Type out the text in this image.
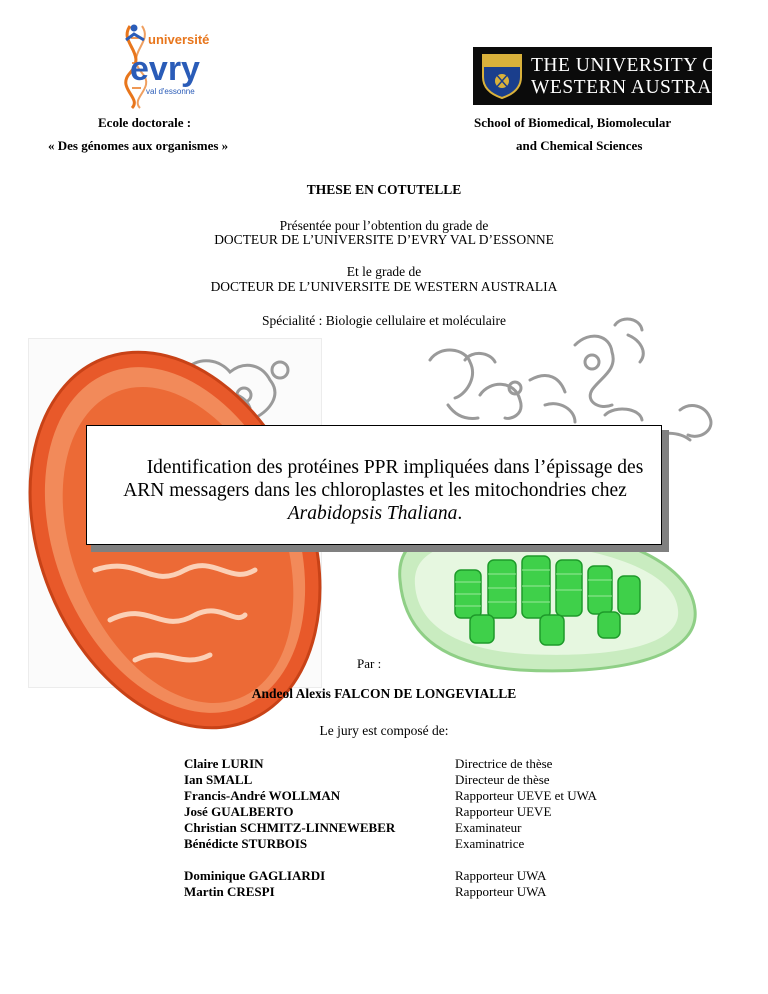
université
evry
val d'essonne
THE UNIVERSITY OF
WESTERN AUSTRALIA
Ecole doctorale :
« Des génomes aux organismes »
School of Biomedical, Biomolecular
and Chemical Sciences
THESE EN COTUTELLE
Présentée pour l’obtention du grade de
DOCTEUR DE L’UNIVERSITE D’EVRY VAL D’ESSONNE
Et le grade de
DOCTEUR DE L’UNIVERSITE DE WESTERN AUSTRALIA
Spécialité : Biologie cellulaire et moléculaire
Identification des protéines PPR impliquées dans l’épissage des
ARN messagers dans les chloroplastes et les mitochondries chez
Arabidopsis Thaliana.
Par :
Andeol Alexis FALCON DE LONGEVIALLE
Le jury est composé de:
Claire LURIN
Ian SMALL
Francis-André WOLLMAN
José GUALBERTO
Christian SCHMITZ-LINNEWEBER
Bénédicte STURBOIS
Directrice de thèse
Directeur de thèse
Rapporteur UEVE et UWA
Rapporteur UEVE
Examinateur
Examinatrice
Dominique GAGLIARDI
Martin CRESPI
Rapporteur UWA
Rapporteur UWA
